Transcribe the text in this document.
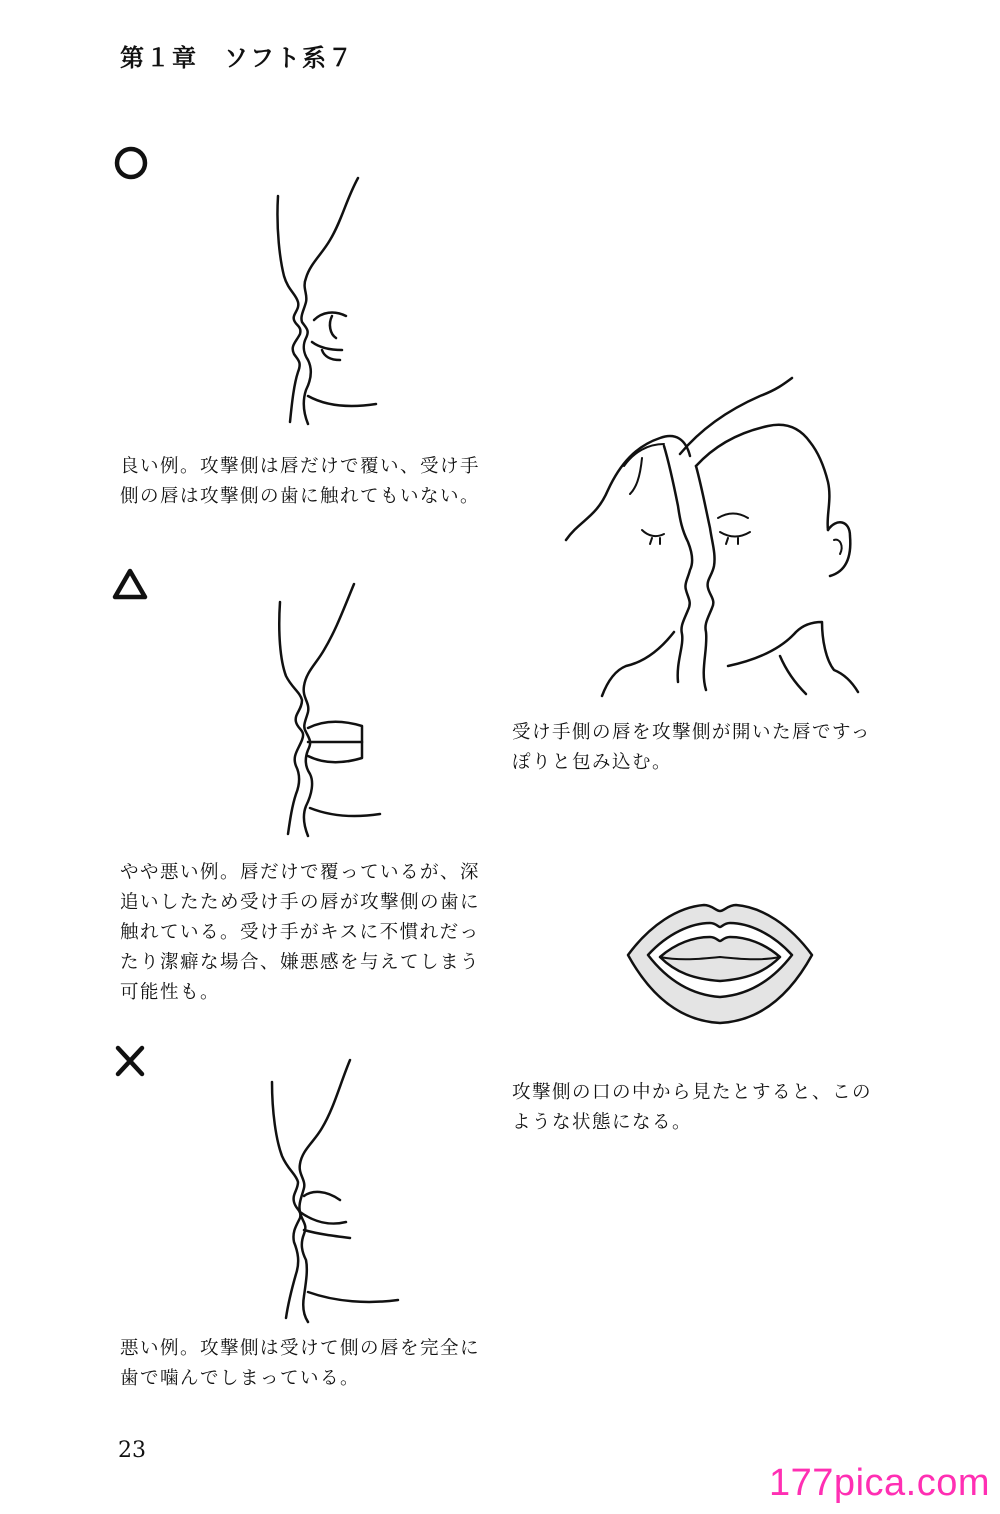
第１章　ソフト系７
良い例。攻撃側は唇だけで覆い、受け手
側の唇は攻撃側の歯に触れてもいない。
やや悪い例。唇だけで覆っているが、深
追いしたため受け手の唇が攻撃側の歯に
触れている。受け手がキスに不慣れだっ
たり潔癖な場合、嫌悪感を与えてしまう
可能性も。
悪い例。攻撃側は受けて側の唇を完全に
歯で噛んでしまっている。
受け手側の唇を攻撃側が開いた唇ですっ
ぽりと包み込む。
攻撃側の口の中から見たとすると、この
ような状態になる。
23
177pica.com
